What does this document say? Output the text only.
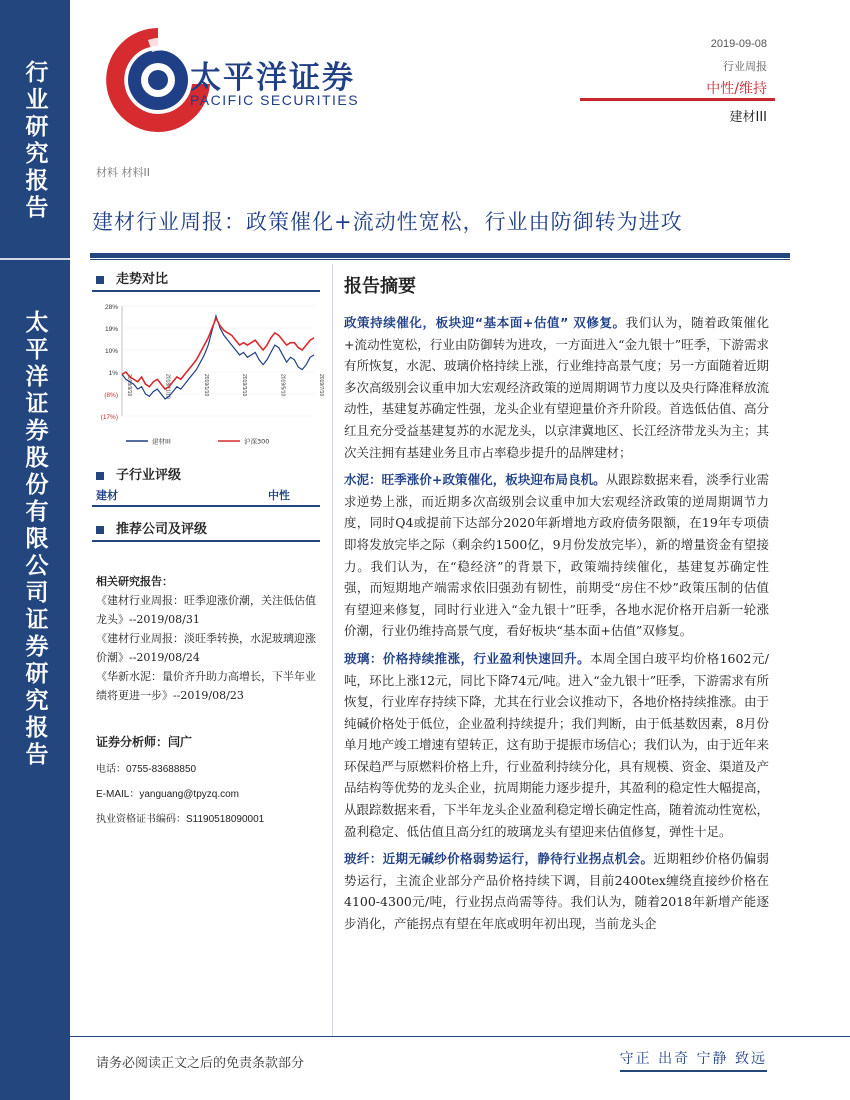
行业研究报告
太平洋证券股份有限公司证券研究报告
太平洋证券
PACIFIC SECURITIES
2019-09-08
行业周报
中性/维持
建材III
材料 材料II
建材行业周报：政策催化+流动性宽松，行业由防御转为进攻
走势对比
28%
19%
10%
1%
(8%)
(17%)
2018/9/10	2018/11/10	2019/1/10	2019/3/10	2019/5/10	2019/7/10
建材III	沪深300
子行业评级
建材	中性
推荐公司及评级
相关研究报告：
《建材行业周报：旺季迎涨价潮，关注低估值龙头》--2019/08/31
《建材行业周报：淡旺季转换，水泥玻璃迎涨价潮》--2019/08/24
《华新水泥：量价齐升助力高增长，下半年业绩将更进一步》--2019/08/23
证券分析师：闫广
电话：0755-83688850
E-MAIL：yanguang@tpyzq.com
执业资格证书编码：S1190518090001
报告摘要

政策持续催化，板块迎“基本面+估值” 双修复。我们认为，随着政策催化+流动性宽松，行业由防御转为进攻，一方面进入“金九银十”旺季，下游需求有所恢复，水泥、玻璃价格持续上涨，行业维持高景气度；另一方面随着近期多次高级别会议重申加大宏观经济政策的逆周期调节力度以及央行降准释放流动性，基建复苏确定性强，龙头企业有望迎量价齐升阶段。首选低估值、高分红且充分受益基建复苏的水泥龙头，以京津冀地区、长江经济带龙头为主；其次关注拥有基建业务且市占率稳步提升的品牌建材；

水泥：旺季涨价+政策催化，板块迎布局良机。从跟踪数据来看，淡季行业需求逆势上涨，而近期多次高级别会议重申加大宏观经济政策的逆周期调节力度，同时Q4或提前下达部分2020年新增地方政府债务限额，在19年专项债即将发放完毕之际（剩余约1500亿，9月份发放完毕），新的增量资金有望接力。我们认为，在“稳经济”的背景下，政策端持续催化，基建复苏确定性强，而短期地产端需求依旧强劲有韧性，前期受“房住不炒”政策压制的估值有望迎来修复，同时行业进入“金九银十”旺季，各地水泥价格开启新一轮涨价潮，行业仍维持高景气度，看好板块“基本面+估值”双修复。

玻璃：价格持续推涨，行业盈利快速回升。本周全国白玻平均价格1602元/吨，环比上涨12元，同比下降74元/吨。进入“金九银十”旺季，下游需求有所恢复，行业库存持续下降，尤其在行业会议推动下，各地价格持续推涨。由于纯碱价格处于低位，企业盈利持续提升；我们判断，由于低基数因素，8月份单月地产竣工增速有望转正，这有助于提振市场信心；我们认为，由于近年来环保趋严与原燃料价格上升，行业盈利持续分化，具有规模、资金、渠道及产品结构等优势的龙头企业，抗周期能力逐步提升，其盈利的稳定性大幅提高，从跟踪数据来看，下半年龙头企业盈利稳定增长确定性高，随着流动性宽松，盈利稳定、低估值且高分红的玻璃龙头有望迎来估值修复，弹性十足。

玻纤：近期无碱纱价格弱势运行，静待行业拐点机会。近期粗纱价格仍偏弱势运行，主流企业部分产品价格持续下调，目前2400tex缠绕直接纱价格在4100-4300元/吨，行业拐点尚需等待。我们认为，随着2018年新增产能逐步消化，产能拐点有望在年底或明年初出现，当前龙头企

请务必阅读正文之后的免责条款部分	守正 出奇 宁静 致远
